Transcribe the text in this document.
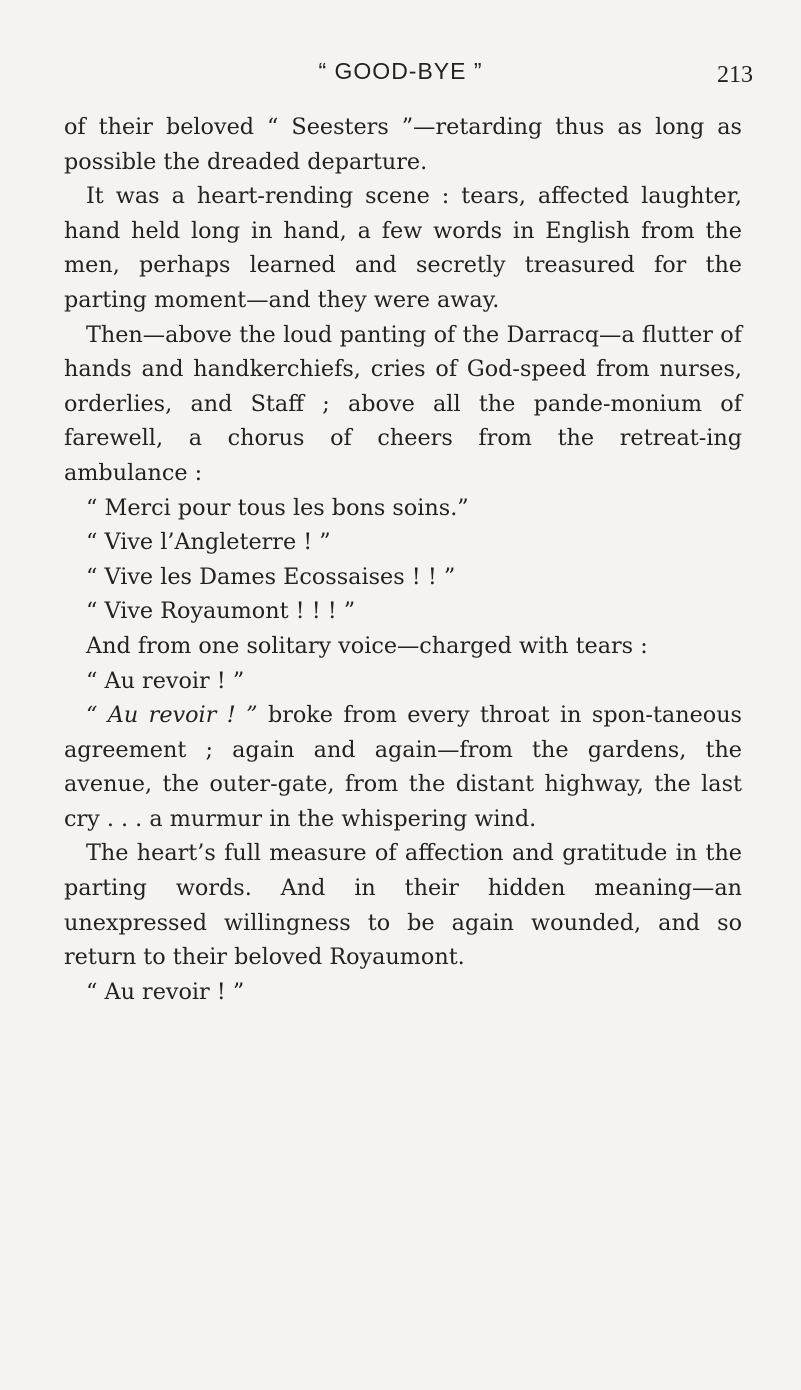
“ GOOD-BYE ”	213

of their beloved “ Seesters ”—retarding thus as long as possible the dreaded departure.

It was a heart-rending scene : tears, affected laughter, hand held long in hand, a few words in English from the men, perhaps learned and secretly treasured for the parting moment—and they were away.

Then—above the loud panting of the Darracq—a flutter of hands and handkerchiefs, cries of God-speed from nurses, orderlies, and Staff ; above all the pande-monium of farewell, a chorus of cheers from the retreat-ing ambulance :

“ Merci pour tous les bons soins.”

“ Vive l’Angleterre ! ”

“ Vive les Dames Ecossaises ! ! ”

“ Vive Royaumont ! ! ! ”

And from one solitary voice—charged with tears :

“ Au revoir ! ”

“ Au revoir ! ” broke from every throat in spon-taneous agreement ; again and again—from the gardens, the avenue, the outer-gate, from the distant highway, the last cry . . . a murmur in the whispering wind.

The heart’s full measure of affection and gratitude in the parting words. And in their hidden meaning—an unexpressed willingness to be again wounded, and so return to their beloved Royaumont.

“ Au revoir ! ”
